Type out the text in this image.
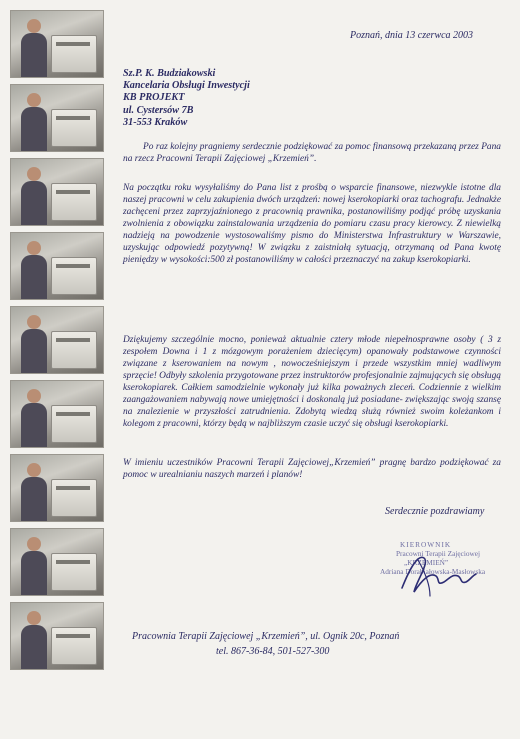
Poznań, dnia 13 czerwca 2003
Sz.P. K. Budziakowski
Kancelaria Obsługi Inwestycji
KB PROJEKT
ul. Cystersów 7B
31-553 Kraków

Po raz kolejny pragniemy serdecznie podziękować za pomoc finansową przekazaną przez Pana na rzecz Pracowni Terapii Zajęciowej „Krzemień”.

Na początku roku wysyłaliśmy do Pana list z prośbą o wsparcie finansowe, niezwykle istotne dla naszej pracowni w celu zakupienia dwóch urządzeń: nowej kserokopiarki oraz tachografu. Jednakże zachęceni przez zaprzyjaźnionego z pracownią prawnika, postanowiliśmy podjąć próbę uzyskania zwolnienia z obowiązku zainstalowania urządzenia do pomiaru czasu pracy kierowcy. Z niewielką nadzieją na powodzenie wystosowaliśmy pismo do Ministerstwa Infrastruktury w Warszawie, uzyskując odpowiedź pozytywną! W związku z zaistniałą sytuacją, otrzymaną od Pana kwotę pieniędzy w wysokości:500 zł postanowiliśmy w całości przeznaczyć na zakup kserokopiarki.

Dziękujemy szczególnie mocno, ponieważ aktualnie cztery młode niepełnosprawne osoby ( 3 z zespołem Downa i 1 z mózgowym porażeniem dziecięcym) opanowały podstawowe czynności związane z kserowaniem na nowym , nowocześniejszym i przede wszystkim mniej wadliwym sprzęcie! Odbyły szkolenia przygotowane przez instruktorów profesjonalnie zajmujących się obsługą kserokopiarek. Całkiem samodzielnie wykonały już kilka poważnych zleceń. Codziennie z wielkim zaangażowaniem nabywają nowe umiejętności i doskonalą już posiadane- zwiększając swoją szansę na znalezienie w przyszłości zatrudnienia. Zdobytą wiedzą służą również swoim koleżankom i kolegom z pracowni, którzy będą w najbliższym czasie uczyć się obsługi kserokopiarki.

W imieniu uczestników Pracowni Terapii Zajęciowej„Krzemień” pragnę bardzo podziękować za pomoc w urealnianiu naszych marzeń i planów!

Serdecznie pozdrawiamy
KIEROWNIK
Pracowni Terapii Zajęciowej
„KRZEMIEŃ”
Adriana Dorabiałowska-Masłowska
Pracownia Terapii Zajęciowej „Krzemień”, ul. Ognik 20c, Poznań
tel. 867-36-84, 501-527-300
